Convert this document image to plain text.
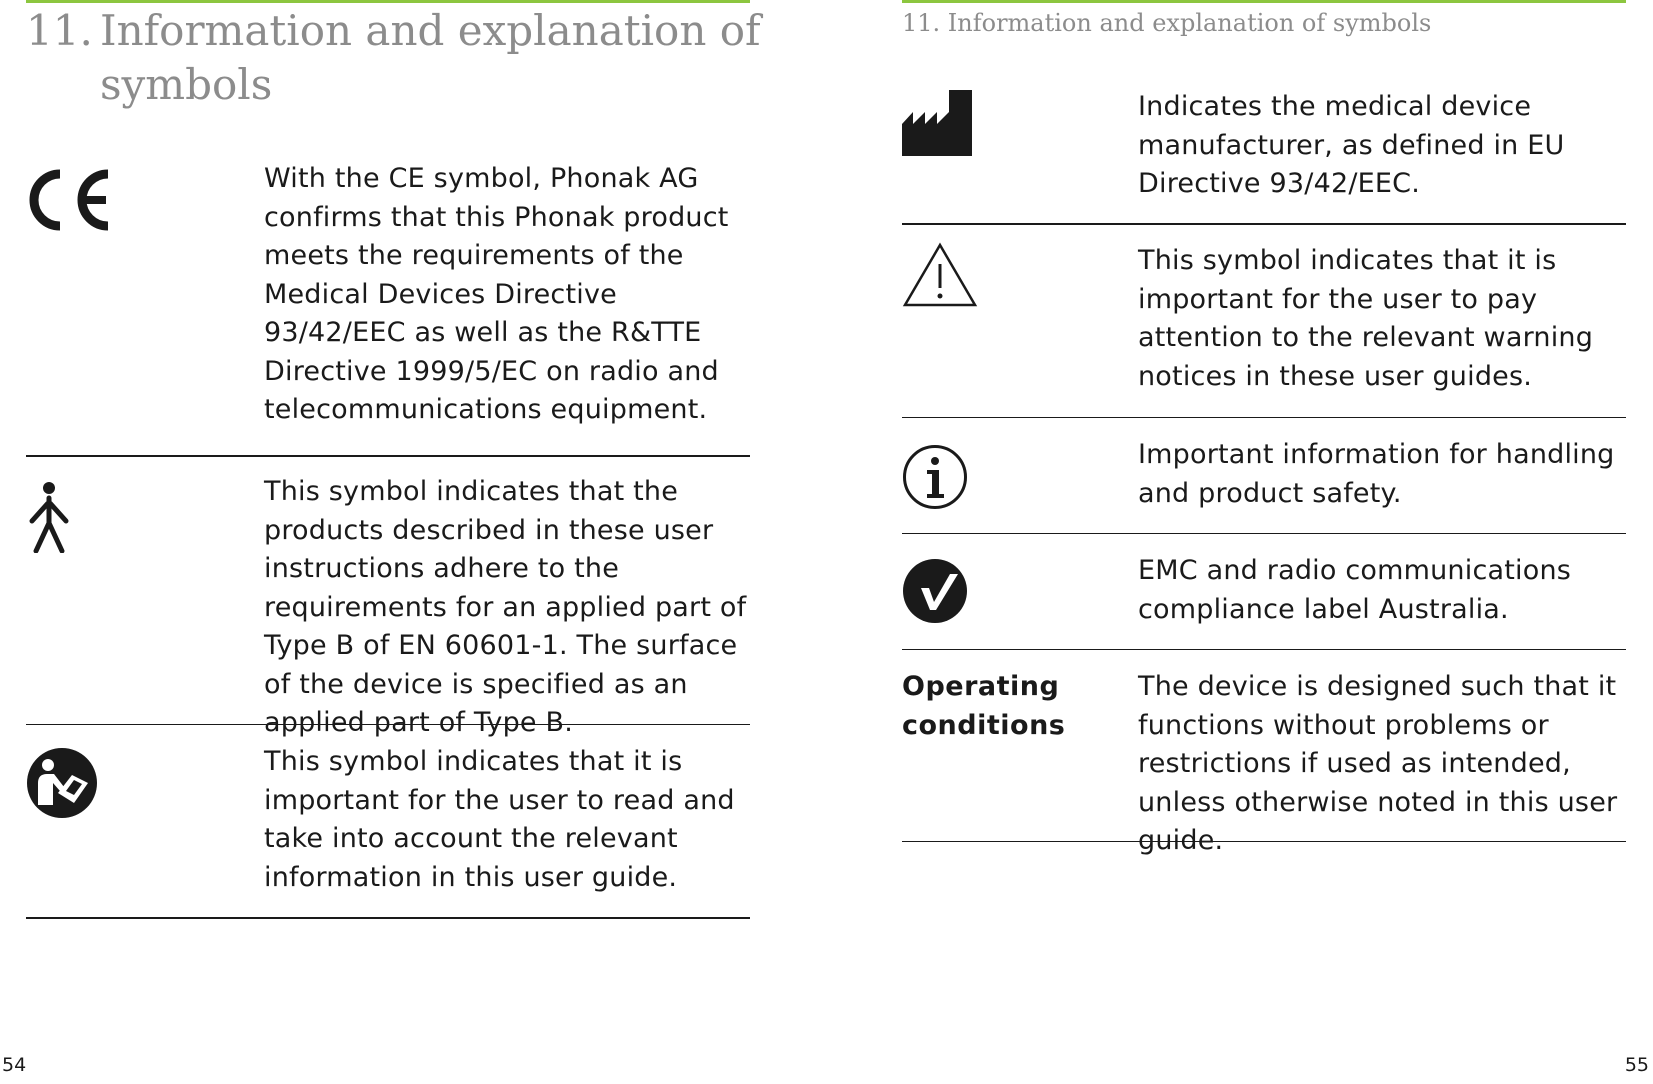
11. Information and explanation of
symbols
With the CE symbol, Phonak AG confirms that this Phonak product meets the requirements of the Medical Devices Directive 93/42/EEC as well as the R&TTE Directive 1999/5/EC on radio and telecommunications equipment.
This symbol indicates that the products described in these user instructions adhere to the requirements for an applied part of Type B of EN 60601-1. The surface of the device is specified as an applied part of Type B.
This symbol indicates that it is important for the user to read and take into account the relevant information in this user guide.
54
11. Information and explanation of symbols
Indicates the medical device manufacturer, as defined in EU Directive 93/42/EEC.
This symbol indicates that it is important for the user to pay attention to the relevant warning notices in these user guides.
Important information for handling and product safety.
EMC and radio communications compliance label Australia.
Operating
conditions
The device is designed such that it functions without problems or restrictions if used as intended, unless otherwise noted in this user guide.
55
